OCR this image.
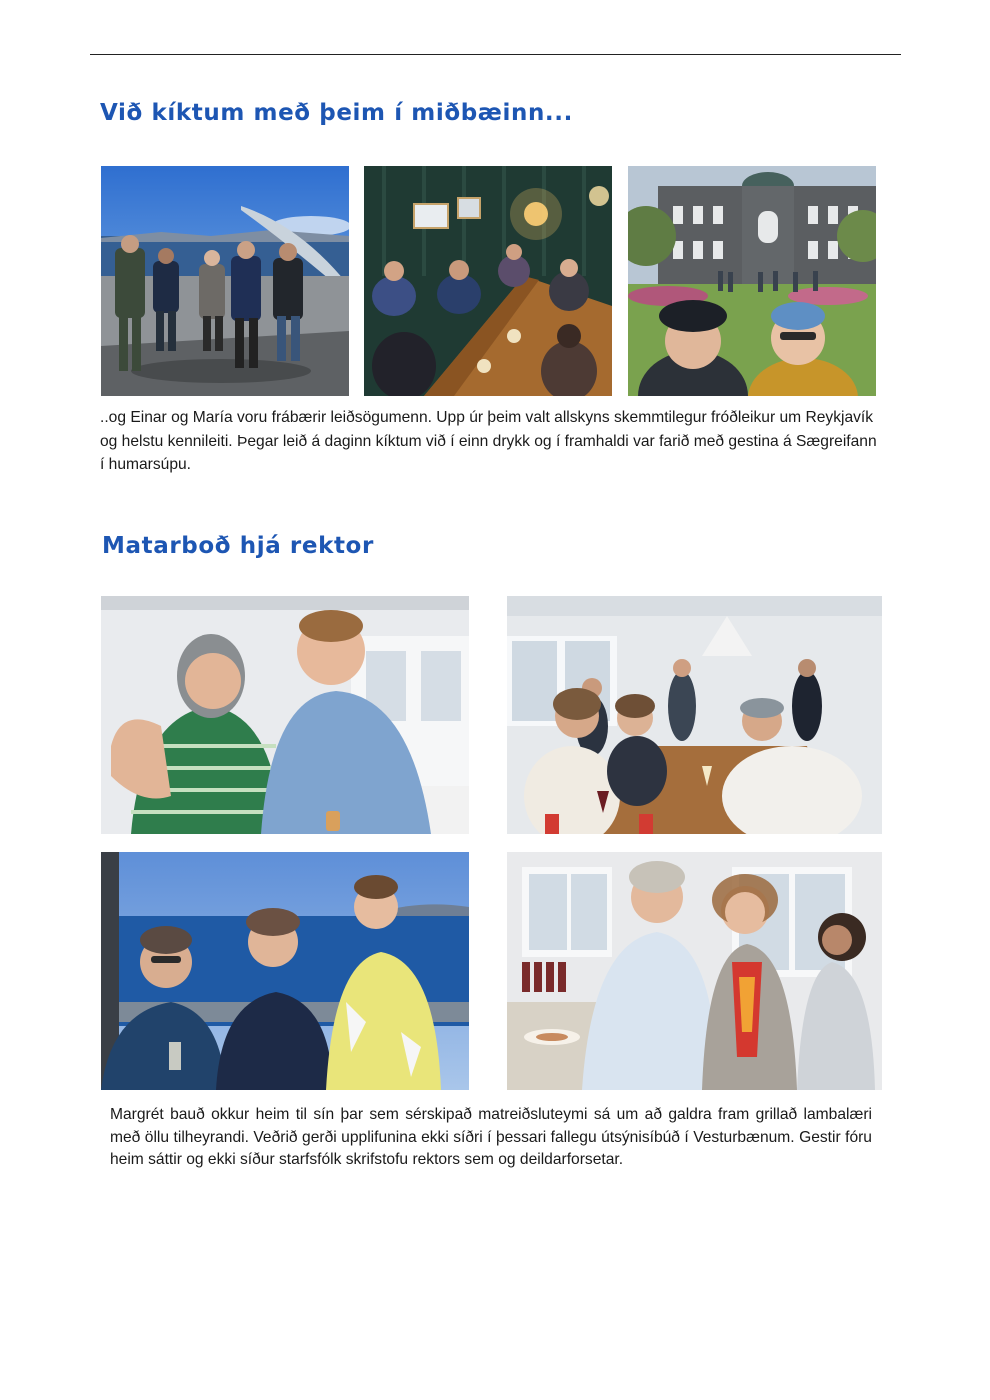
Við kíktum með þeim í miðbæinn...

..og Einar og María voru frábærir leiðsögumenn. Upp úr þeim valt allskyns skemmtilegur fróðleikur um Reykjavík og helstu kennileiti. Þegar leið á daginn kíktum við í einn drykk og í framhaldi var farið með gestina á Sægreifann í humarsúpu.

Matarboð hjá rektor

Margrét bauð okkur heim til sín þar sem sérskipað matreiðsluteymi sá um að galdra fram grillað lambalæri með öllu tilheyrandi. Veðrið gerði upplifunina ekki síðri í þessari fallegu útsýnisíbúð í Vesturbænum. Gestir fóru heim sáttir og ekki síður starfsfólk skrifstofu rektors sem og deildarforsetar.
